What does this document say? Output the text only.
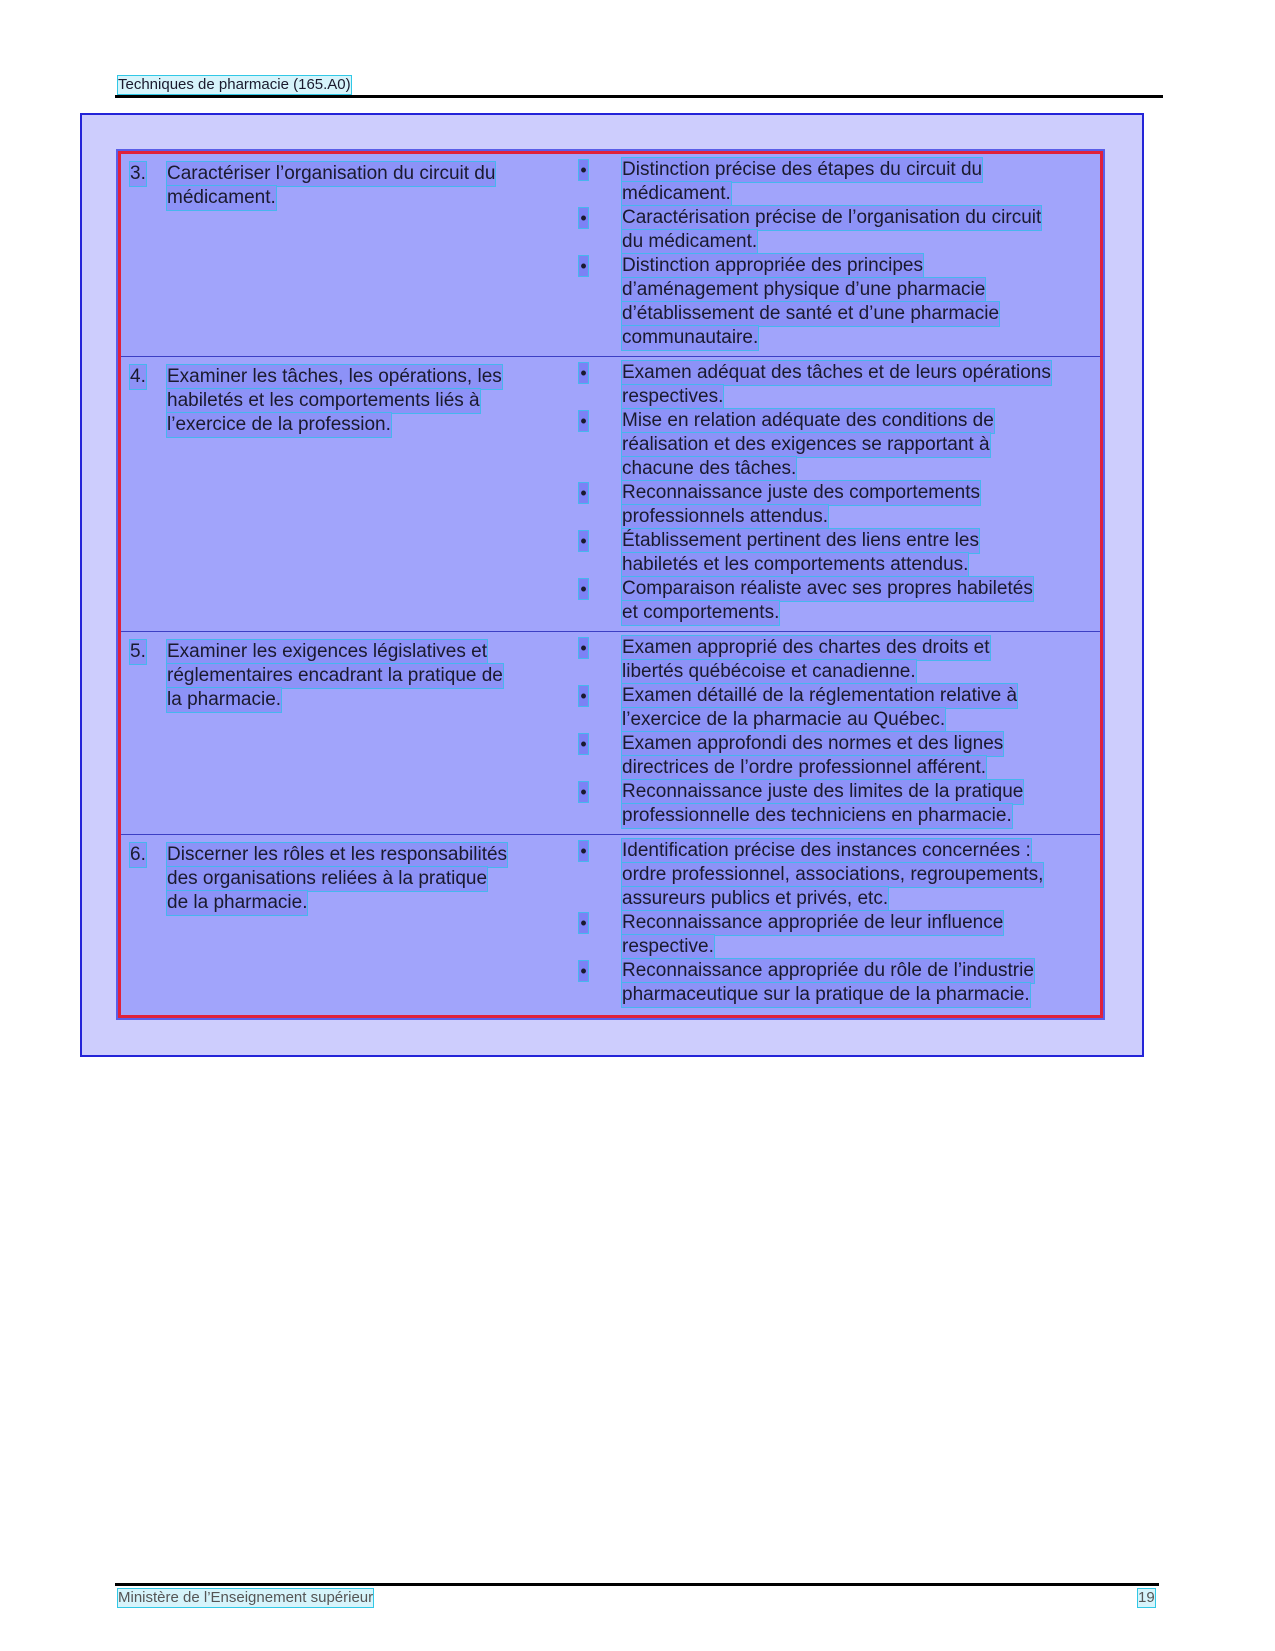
Techniques de pharmacie (165.A0)
3. Caractériser l’organisation du circuit du
médicament.
• Distinction précise des étapes du circuit du
médicament.
• Caractérisation précise de l’organisation du circuit
du médicament.
• Distinction appropriée des principes
d’aménagement physique d’une pharmacie
d’établissement de santé et d’une pharmacie
communautaire.
4. Examiner les tâches, les opérations, les
habiletés et les comportements liés à
l’exercice de la profession.
• Examen adéquat des tâches et de leurs opérations
respectives.
• Mise en relation adéquate des conditions de
réalisation et des exigences se rapportant à
chacune des tâches.
• Reconnaissance juste des comportements
professionnels attendus.
• Établissement pertinent des liens entre les
habiletés et les comportements attendus.
• Comparaison réaliste avec ses propres habiletés
et comportements.
5. Examiner les exigences législatives et
réglementaires encadrant la pratique de
la pharmacie.
• Examen approprié des chartes des droits et
libertés québécoise et canadienne.
• Examen détaillé de la réglementation relative à
l’exercice de la pharmacie au Québec.
• Examen approfondi des normes et des lignes
directrices de l’ordre professionnel afférent.
• Reconnaissance juste des limites de la pratique
professionnelle des techniciens en pharmacie.
6. Discerner les rôles et les responsabilités
des organisations reliées à la pratique
de la pharmacie.
• Identification précise des instances concernées :
ordre professionnel, associations, regroupements,
assureurs publics et privés, etc.
• Reconnaissance appropriée de leur influence
respective.
• Reconnaissance appropriée du rôle de l’industrie
pharmaceutique sur la pratique de la pharmacie.
Ministère de l’Enseignement supérieur	19
